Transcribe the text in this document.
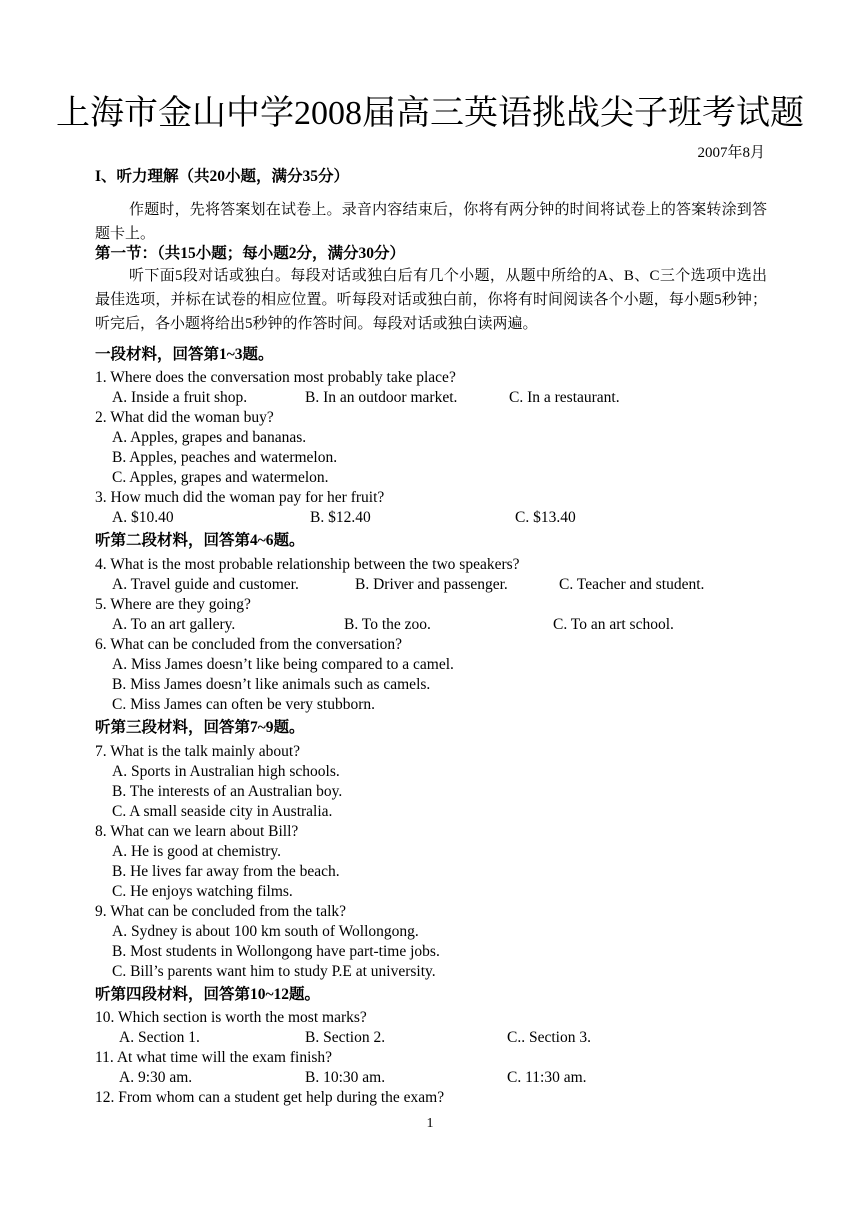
上海市金山中学2008届高三英语挑战尖子班考试题
2007年8月
I、听力理解（共20小题，满分35分）
作题时，先将答案划在试卷上。录音内容结束后，你将有两分钟的时间将试卷上的答案转涂到答题卡上。
第一节：（共15小题；每小题2分，满分30分）
听下面5段对话或独白。每段对话或独白后有几个小题，从题中所给的A、B、C三个选项中选出最佳选项，并标在试卷的相应位置。听每段对话或独白前，你将有时间阅读各个小题，每小题5秒钟；听完后，各小题将给出5秒钟的作答时间。每段对话或独白读两遍。
一段材料，回答第1~3题。
1. Where does the conversation most probably take place?
A. Inside a fruit shop.	B. In an outdoor market.	C. In a restaurant.
2. What did the woman buy?
A. Apples, grapes and bananas.
B. Apples, peaches and watermelon.
C. Apples, grapes and watermelon.
3. How much did the woman pay for her fruit?
A. $10.40	B. $12.40	C. $13.40
听第二段材料，回答第4~6题。
4. What is the most probable relationship between the two speakers?
A. Travel guide and customer.	B. Driver and passenger.	C. Teacher and student.
5. Where are they going?
A. To an art gallery.	B. To the zoo.	C. To an art school.
6. What can be concluded from the conversation?
A. Miss James doesn’t like being compared to a camel.
B. Miss James doesn’t like animals such as camels.
C. Miss James can often be very stubborn.
听第三段材料，回答第7~9题。
7. What is the talk mainly about?
A. Sports in Australian high schools.
B. The interests of an Australian boy.
C. A small seaside city in Australia.
8. What can we learn about Bill?
A. He is good at chemistry.
B. He lives far away from the beach.
C. He enjoys watching films.
9. What can be concluded from the talk?
A. Sydney is about 100 km south of Wollongong.
B. Most students in Wollongong have part-time jobs.
C. Bill’s parents want him to study P.E at university.
听第四段材料，回答第10~12题。
10. Which section is worth the most marks?
A. Section 1.	B. Section 2.	C.. Section 3.
11. At what time will the exam finish?
A. 9:30 am.	B. 10:30 am.	C. 11:30 am.
12. From whom can a student get help during the exam?
1
